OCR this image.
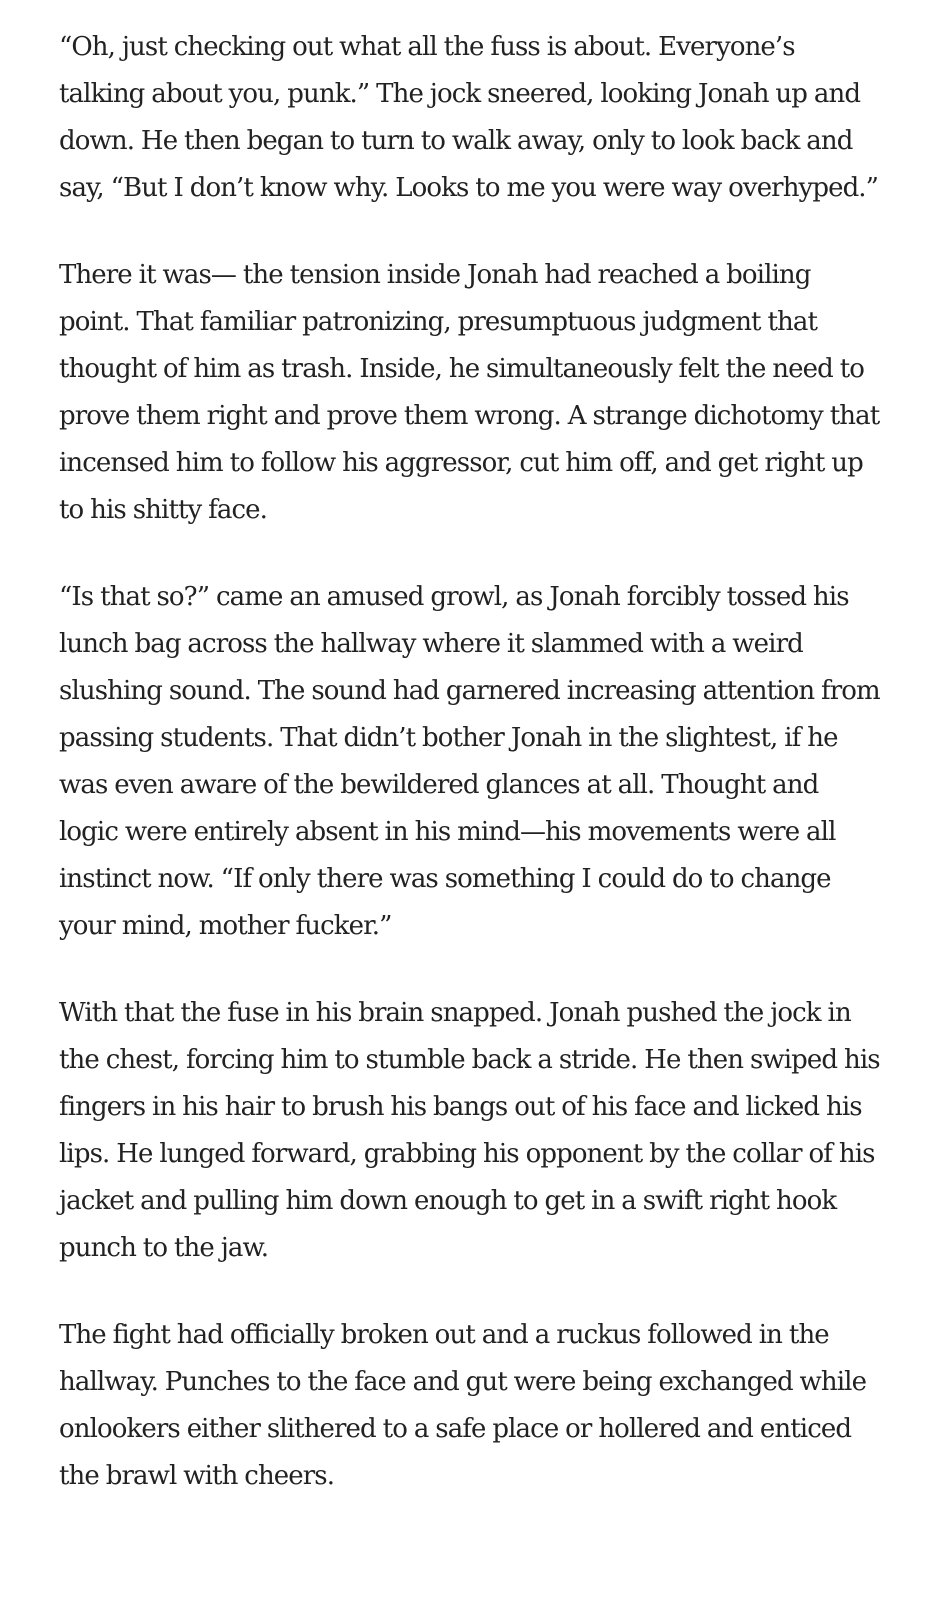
“Oh, just checking out what all the fuss is about. Everyone’s talking about you, punk.” The jock sneered, looking Jonah up and down. He then began to turn to walk away, only to look back and say, “But I don’t know why. Looks to me you were way overhyped.”

There it was— the tension inside Jonah had reached a boiling point. That familiar patronizing, presumptuous judgment that thought of him as trash. Inside, he simultaneously felt the need to prove them right and prove them wrong. A strange dichotomy that incensed him to follow his aggressor, cut him off, and get right up to his shitty face.

“Is that so?” came an amused growl, as Jonah forcibly tossed his lunch bag across the hallway where it slammed with a weird slushing sound. The sound had garnered increasing attention from passing students. That didn’t bother Jonah in the slightest, if he was even aware of the bewildered glances at all. Thought and logic were entirely absent in his mind—his movements were all instinct now. “If only there was something I could do to change your mind, mother fucker.”

With that the fuse in his brain snapped. Jonah pushed the jock in the chest, forcing him to stumble back a stride. He then swiped his fingers in his hair to brush his bangs out of his face and licked his lips. He lunged forward, grabbing his opponent by the collar of his jacket and pulling him down enough to get in a swift right hook punch to the jaw.

The fight had officially broken out and a ruckus followed in the hallway. Punches to the face and gut were being exchanged while onlookers either slithered to a safe place or hollered and enticed the brawl with cheers.
